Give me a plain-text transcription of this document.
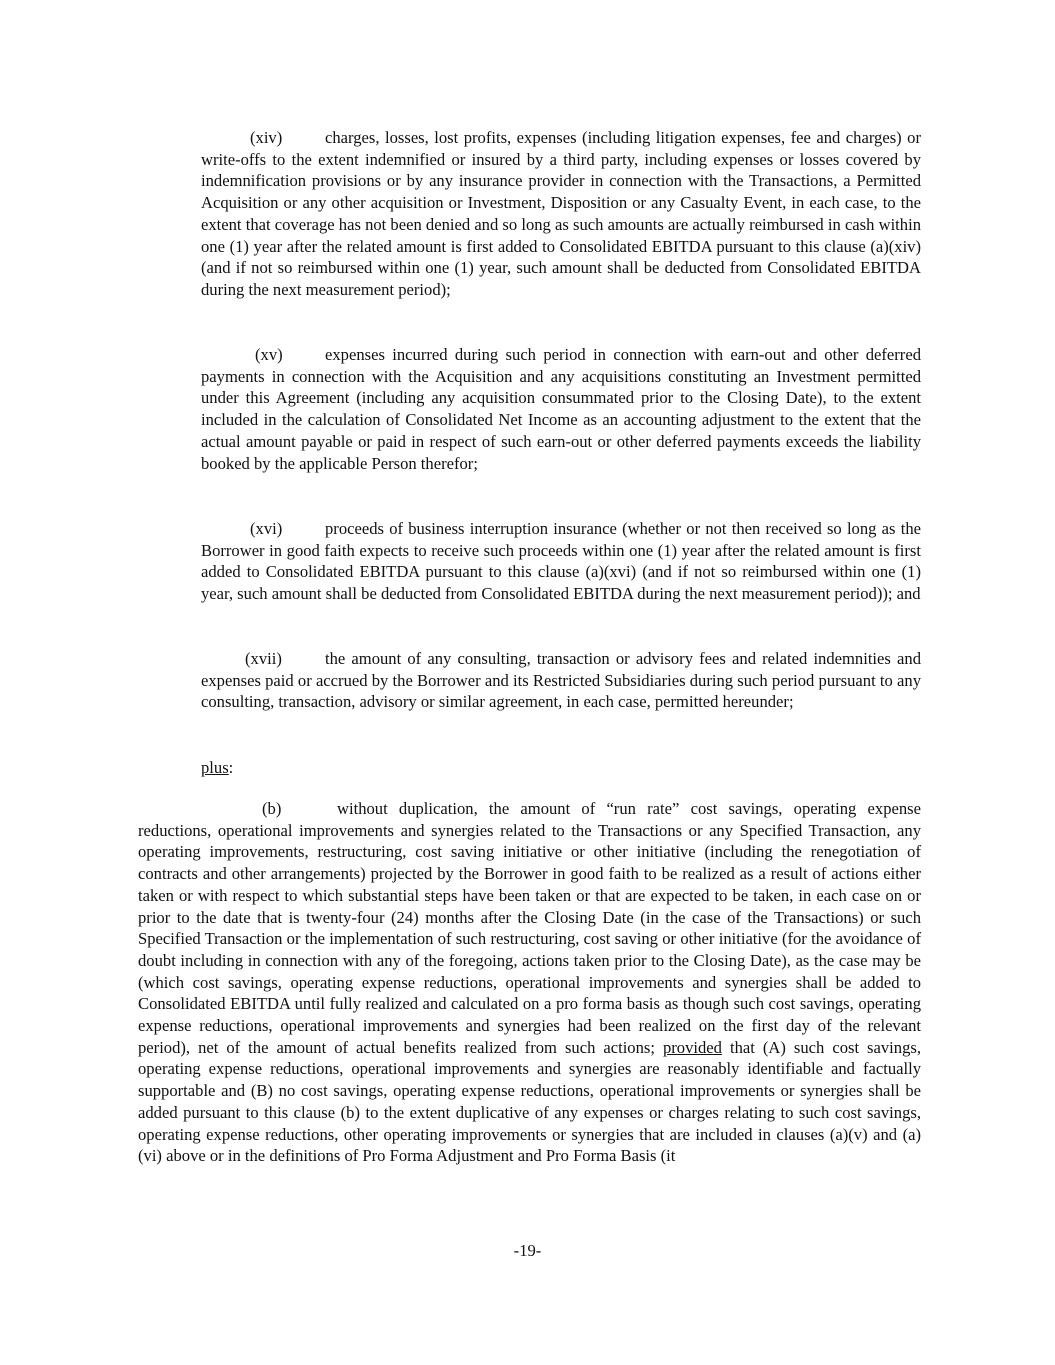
(xiv)	charges, losses, lost profits, expenses (including litigation expenses, fee and charges) or write-offs to the extent indemnified or insured by a third party, including expenses or losses covered by indemnification provisions or by any insurance provider in connection with the Transactions, a Permitted Acquisition or any other acquisition or Investment, Disposition or any Casualty Event, in each case, to the extent that coverage has not been denied and so long as such amounts are actually reimbursed in cash within one (1) year after the related amount is first added to Consolidated EBITDA pursuant to this clause (a)(xiv) (and if not so reimbursed within one (1) year, such amount shall be deducted from Consolidated EBITDA during the next measurement period);

(xv)	expenses incurred during such period in connection with earn-out and other deferred payments in connection with the Acquisition and any acquisitions constituting an Investment permitted under this Agreement (including any acquisition consummated prior to the Closing Date), to the extent included in the calculation of Consolidated Net Income as an accounting adjustment to the extent that the actual amount payable or paid in respect of such earn-out or other deferred payments exceeds the liability booked by the applicable Person therefor;

(xvi)	proceeds of business interruption insurance (whether or not then received so long as the Borrower in good faith expects to receive such proceeds within one (1) year after the related amount is first added to Consolidated EBITDA pursuant to this clause (a)(xvi) (and if not so reimbursed within one (1) year, such amount shall be deducted from Consolidated EBITDA during the next measurement period)); and

(xvii)	the amount of any consulting, transaction or advisory fees and related indemnities and expenses paid or accrued by the Borrower and its Restricted Subsidiaries during such period pursuant to any consulting, transaction, advisory or similar agreement, in each case, permitted hereunder;

plus:

(b)	without duplication, the amount of “run rate” cost savings, operating expense reductions, operational improvements and synergies related to the Transactions or any Specified Transaction, any operating improvements, restructuring, cost saving initiative or other initiative (including the renegotiation of contracts and other arrangements) projected by the Borrower in good faith to be realized as a result of actions either taken or with respect to which substantial steps have been taken or that are expected to be taken, in each case on or prior to the date that is twenty-four (24) months after the Closing Date (in the case of the Transactions) or such Specified Transaction or the implementation of such restructuring, cost saving or other initiative (for the avoidance of doubt including in connection with any of the foregoing, actions taken prior to the Closing Date), as the case may be (which cost savings, operating expense reductions, operational improvements and synergies shall be added to Consolidated EBITDA until fully realized and calculated on a pro forma basis as though such cost savings, operating expense reductions, operational improvements and synergies had been realized on the first day of the relevant period), net of the amount of actual benefits realized from such actions; provided that (A) such cost savings, operating expense reductions, operational improvements and synergies are reasonably identifiable and factually supportable and (B) no cost savings, operating expense reductions, operational improvements or synergies shall be added pursuant to this clause (b) to the extent duplicative of any expenses or charges relating to such cost savings, operating expense reductions, other operating improvements or synergies that are included in clauses (a)(v) and (a)(vi) above or in the definitions of Pro Forma Adjustment and Pro Forma Basis (it

-19-
